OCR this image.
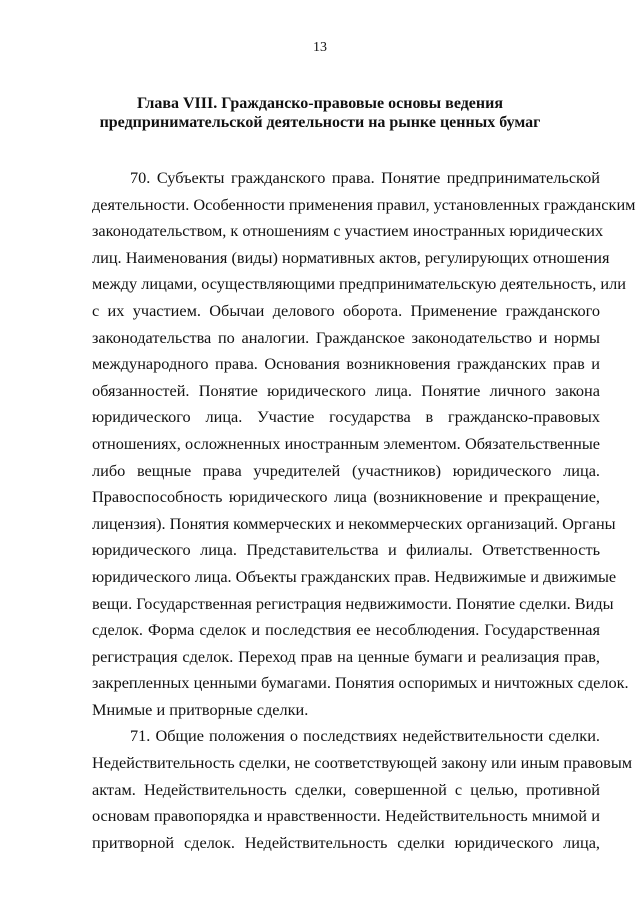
13
Глава VIII. Гражданско-правовые основы ведения
предпринимательской деятельности на рынке ценных бумаг

70. Субъекты гражданского права. Понятие предпринимательской
деятельности. Особенности применения правил, установленных гражданским
законодательством, к отношениям с участием иностранных юридических
лиц. Наименования (виды) нормативных актов, регулирующих отношения
между лицами, осуществляющими предпринимательскую деятельность, или
с их участием. Обычаи делового оборота. Применение гражданского
законодательства по аналогии. Гражданское законодательство и нормы
международного права. Основания возникновения гражданских прав и
обязанностей. Понятие юридического лица. Понятие личного закона
юридического лица. Участие государства в гражданско-правовых
отношениях, осложненных иностранным элементом. Обязательственные
либо вещные права учредителей (участников) юридического лица.
Правоспособность юридического лица (возникновение и прекращение,
лицензия). Понятия коммерческих и некоммерческих организаций. Органы
юридического лица. Представительства и филиалы. Ответственность
юридического лица. Объекты гражданских прав. Недвижимые и движимые
вещи. Государственная регистрация недвижимости. Понятие сделки. Виды
сделок. Форма сделок и последствия ее несоблюдения. Государственная
регистрация сделок. Переход прав на ценные бумаги и реализация прав,
закрепленных ценными бумагами. Понятия оспоримых и ничтожных сделок.
Мнимые и притворные сделки.

71. Общие положения о последствиях недействительности сделки.
Недействительность сделки, не соответствующей закону или иным правовым
актам. Недействительность сделки, совершенной с целью, противной
основам правопорядка и нравственности. Недействительность мнимой и
притворной сделок. Недействительность сделки юридического лица,
